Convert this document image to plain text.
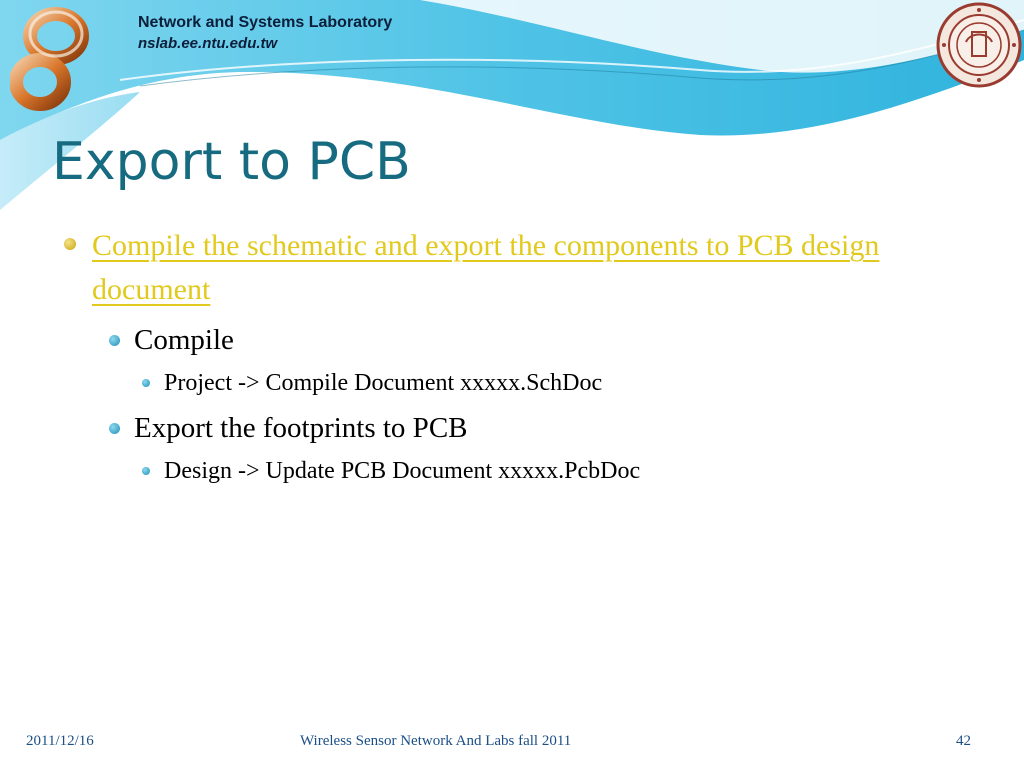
Network and Systems Laboratory
nslab.ee.ntu.edu.tw
Export to PCB
Compile the schematic and export the components to PCB design document
Compile
Project -> Compile Document xxxxx.SchDoc
Export the footprints to PCB
Design -> Update PCB Document xxxxx.PcbDoc
2011/12/16	Wireless Sensor Network And Labs fall 2011	42
